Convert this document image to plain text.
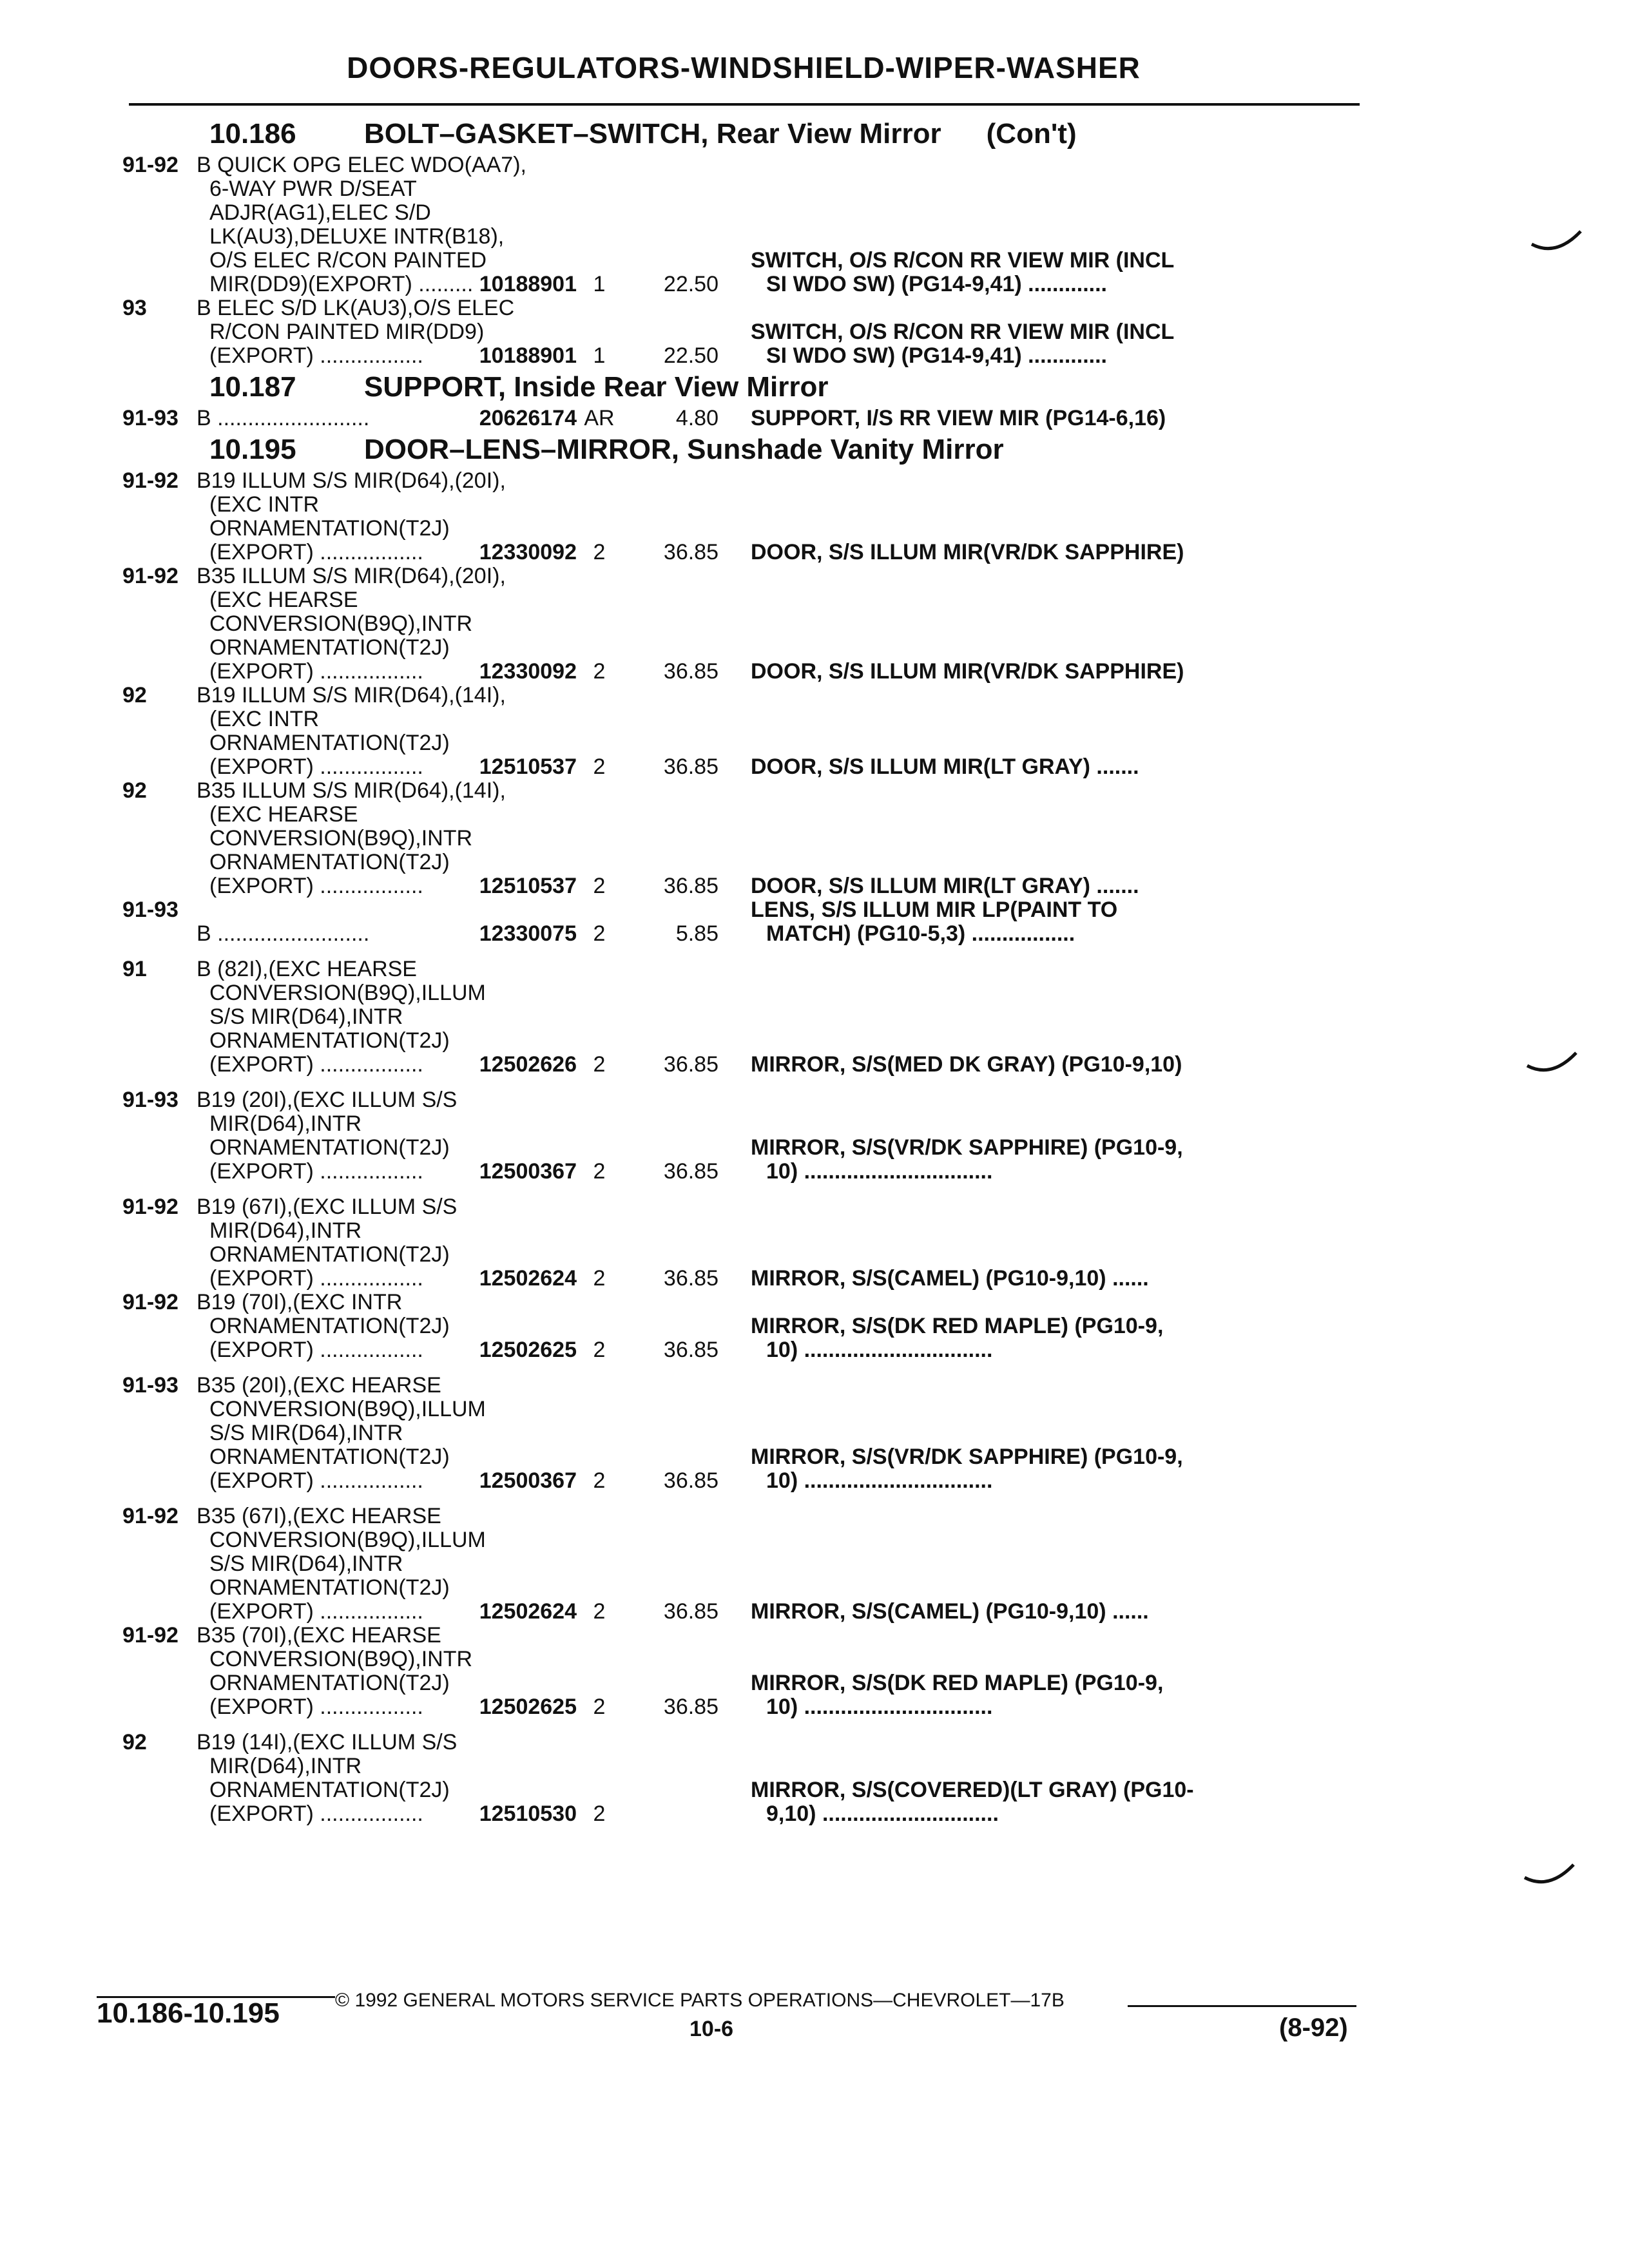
DOORS-REGULATORS-WINDSHIELD-WIPER-WASHER
10.186 BOLT–GASKET–SWITCH, Rear View Mirror (Con't)
91-92 B QUICK OPG ELEC WDO(AA7),
6-WAY PWR D/SEAT
ADJR(AG1),ELEC S/D
LK(AU3),DELUXE INTR(B18),
O/S ELEC R/CON PAINTED
MIR(DD9)(EXPORT) ......... 10188901 1	22.50
SWITCH, O/S R/CON RR VIEW MIR (INCL
SI WDO SW) (PG14-9,41) .............
93	B ELEC S/D LK(AU3),O/S ELEC
R/CON PAINTED MIR(DD9)
(EXPORT) .................	10188901 1	22.50
SWITCH, O/S R/CON RR VIEW MIR (INCL
SI WDO SW) (PG14-9,41) .............
10.187 SUPPORT, Inside Rear View Mirror
91-93 B .........................	20626174 AR	4.80 SUPPORT, I/S RR VIEW MIR (PG14-6,16)
10.195 DOOR–LENS–MIRROR, Sunshade Vanity Mirror
91-92 B19 ILLUM S/S MIR(D64),(20I),
(EXC INTR
ORNAMENTATION(T2J)
(EXPORT) .................	12330092 2	36.85 DOOR, S/S ILLUM MIR(VR/DK SAPPHIRE)
91-92 B35 ILLUM S/S MIR(D64),(20I),
(EXC HEARSE
CONVERSION(B9Q),INTR
ORNAMENTATION(T2J)
(EXPORT) .................	12330092 2	36.85 DOOR, S/S ILLUM MIR(VR/DK SAPPHIRE)
92	B19 ILLUM S/S MIR(D64),(14I),
(EXC INTR
ORNAMENTATION(T2J)
(EXPORT) .................	12510537 2	36.85 DOOR, S/S ILLUM MIR(LT GRAY) .......
92	B35 ILLUM S/S MIR(D64),(14I),
(EXC HEARSE
CONVERSION(B9Q),INTR
ORNAMENTATION(T2J)
(EXPORT) .................	12510537 2	36.85 DOOR, S/S ILLUM MIR(LT GRAY) .......
91-93
B .........................	12330075 2	5.85
LENS, S/S ILLUM MIR LP(PAINT TO
MATCH) (PG10-5,3) .................
91	B (82I),(EXC HEARSE
CONVERSION(B9Q),ILLUM
S/S MIR(D64),INTR
ORNAMENTATION(T2J)
(EXPORT) .................	12502626 2	36.85 MIRROR, S/S(MED DK GRAY) (PG10-9,10)
91-93 B19 (20I),(EXC ILLUM S/S
MIR(D64),INTR
ORNAMENTATION(T2J)
(EXPORT) .................	12500367 2	36.85
MIRROR, S/S(VR/DK SAPPHIRE) (PG10-9,
10) ...............................
91-92 B19 (67I),(EXC ILLUM S/S
MIR(D64),INTR
ORNAMENTATION(T2J)
(EXPORT) .................	12502624 2	36.85 MIRROR, S/S(CAMEL) (PG10-9,10) ......
91-92 B19 (70I),(EXC INTR
ORNAMENTATION(T2J)
(EXPORT) .................	12502625 2	36.85
MIRROR, S/S(DK RED MAPLE) (PG10-9,
10) ...............................
91-93 B35 (20I),(EXC HEARSE
CONVERSION(B9Q),ILLUM
S/S MIR(D64),INTR
ORNAMENTATION(T2J)
(EXPORT) .................	12500367 2	36.85
MIRROR, S/S(VR/DK SAPPHIRE) (PG10-9,
10) ...............................
91-92 B35 (67I),(EXC HEARSE
CONVERSION(B9Q),ILLUM
S/S MIR(D64),INTR
ORNAMENTATION(T2J)
(EXPORT) .................	12502624 2	36.85 MIRROR, S/S(CAMEL) (PG10-9,10) ......
91-92 B35 (70I),(EXC HEARSE
CONVERSION(B9Q),INTR
ORNAMENTATION(T2J)
(EXPORT) .................	12502625 2	36.85
MIRROR, S/S(DK RED MAPLE) (PG10-9,
10) ...............................
92	B19 (14I),(EXC ILLUM S/S
MIR(D64),INTR
ORNAMENTATION(T2J)
(EXPORT) .................	12510530 2
MIRROR, S/S(COVERED)(LT GRAY) (PG10-
9,10) .............................
10.186-10.195	© 1992 GENERAL MOTORS SERVICE PARTS OPERATIONS—CHEVROLET—17B
10-6	(8-92)
